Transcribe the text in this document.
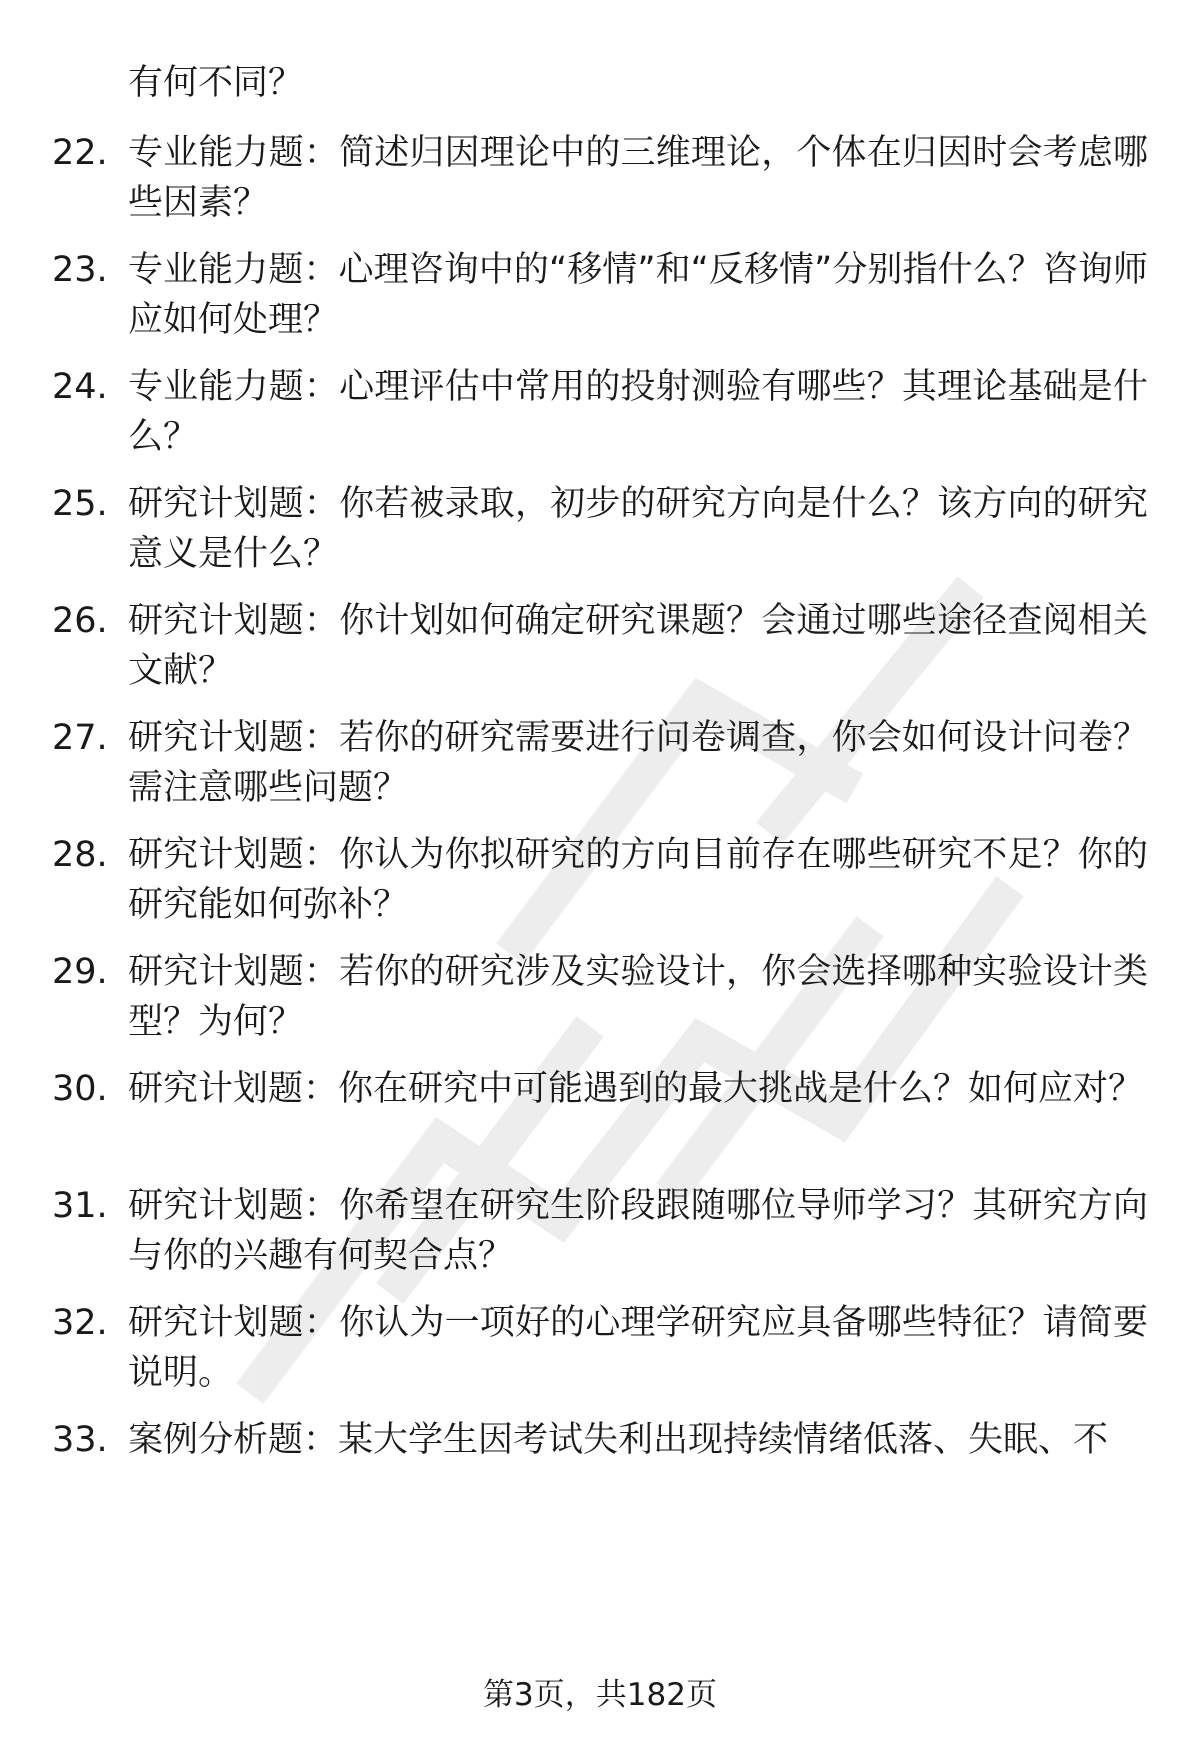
有何不同？
22. 专业能力题：简述归因理论中的三维理论，个体在归因时会考虑哪些因素？
23. 专业能力题：心理咨询中的“移情”和“反移情”分别指什么？咨询师应如何处理？
24. 专业能力题：心理评估中常用的投射测验有哪些？其理论基础是什么？
25. 研究计划题：你若被录取，初步的研究方向是什么？该方向的研究意义是什么？
26. 研究计划题：你计划如何确定研究课题？会通过哪些途径查阅相关文献？
27. 研究计划题：若你的研究需要进行问卷调查，你会如何设计问卷？需注意哪些问题？
28. 研究计划题：你认为你拟研究的方向目前存在哪些研究不足？你的研究能如何弥补？
29. 研究计划题：若你的研究涉及实验设计，你会选择哪种实验设计类型？为何？
30. 研究计划题：你在研究中可能遇到的最大挑战是什么？如何应对？
31. 研究计划题：你希望在研究生阶段跟随哪位导师学习？其研究方向与你的兴趣有何契合点？
32. 研究计划题：你认为一项好的心理学研究应具备哪些特征？请简要说明。
33. 案例分析题：某大学生因考试失利出现持续情绪低落、失眠、不
第3页，共182页
